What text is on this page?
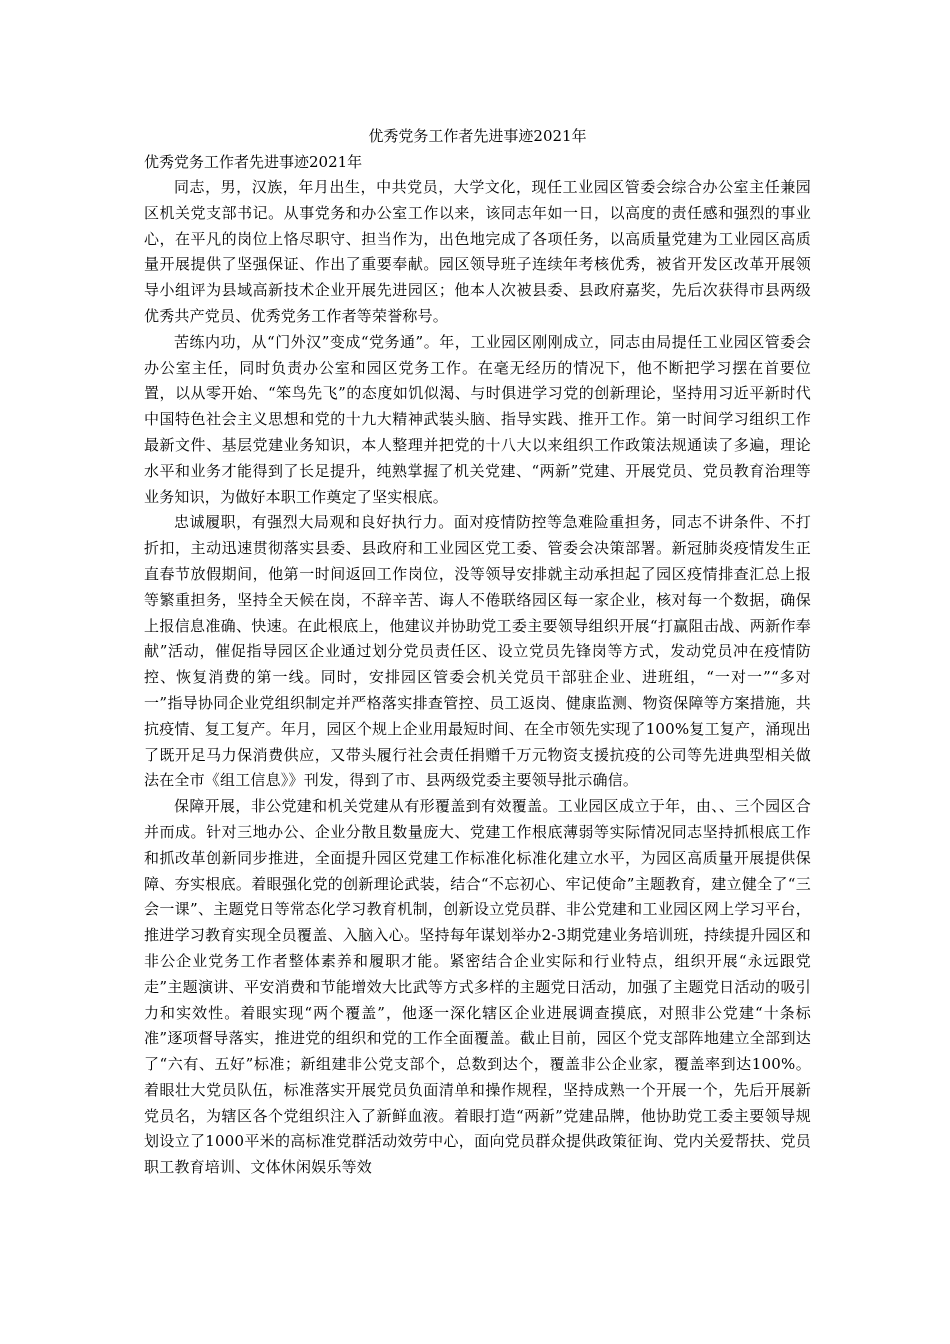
优秀党务工作者先进事迹2021年

优秀党务工作者先进事迹2021年

同志，男，汉族，年月出生，中共党员，大学文化，现任工业园区管委会综合办公室主任兼园区机关党支部书记。从事党务和办公室工作以来，该同志年如一日，以高度的责任感和强烈的事业心，在平凡的岗位上恪尽职守、担当作为，出色地完成了各项任务，以高质量党建为工业园区高质量开展提供了坚强保证、作出了重要奉献。园区领导班子连续年考核优秀，被省开发区改革开展领导小组评为县域高新技术企业开展先进园区；他本人次被县委、县政府嘉奖，先后次获得市县两级优秀共产党员、优秀党务工作者等荣誉称号。

苦练内功，从“门外汉”变成“党务通”。年，工业园区刚刚成立，同志由局提任工业园区管委会办公室主任，同时负责办公室和园区党务工作。在毫无经历的情况下，他不断把学习摆在首要位置，以从零开始、“笨鸟先飞”的态度如饥似渴、与时俱进学习党的创新理论，坚持用习近平新时代中国特色社会主义思想和党的十九大精神武装头脑、指导实践、推开工作。第一时间学习组织工作最新文件、基层党建业务知识，本人整理并把党的十八大以来组织工作政策法规通读了多遍，理论水平和业务才能得到了长足提升，纯熟掌握了机关党建、“两新”党建、开展党员、党员教育治理等业务知识，为做好本职工作奠定了坚实根底。

忠诚履职，有强烈大局观和良好执行力。面对疫情防控等急难险重担务，同志不讲条件、不打折扣，主动迅速贯彻落实县委、县政府和工业园区党工委、管委会决策部署。新冠肺炎疫情发生正直春节放假期间，他第一时间返回工作岗位，没等领导安排就主动承担起了园区疫情排查汇总上报等繁重担务，坚持全天候在岗，不辞辛苦、诲人不倦联络园区每一家企业，核对每一个数据，确保上报信息准确、快速。在此根底上，他建议并协助党工委主要领导组织开展“打赢阻击战、两新作奉献”活动，催促指导园区企业通过划分党员责任区、设立党员先锋岗等方式，发动党员冲在疫情防控、恢复消费的第一线。同时，安排园区管委会机关党员干部驻企业、进班组，“一对一”“多对一”指导协同企业党组织制定并严格落实排查管控、员工返岗、健康监测、物资保障等方案措施，共抗疫情、复工复产。年月，园区个规上企业用最短时间、在全市领先实现了100%复工复产，涌现出了既开足马力保消费供应，又带头履行社会责任捐赠千万元物资支援抗疫的公司等先进典型相关做法在全市《组工信息》》刊发，得到了市、县两级党委主要领导批示确信。

保障开展，非公党建和机关党建从有形覆盖到有效覆盖。工业园区成立于年，由、、三个园区合并而成。针对三地办公、企业分散且数量庞大、党建工作根底薄弱等实际情况同志坚持抓根底工作和抓改革创新同步推进，全面提升园区党建工作标准化标准化建立水平，为园区高质量开展提供保障、夯实根底。着眼强化党的创新理论武装，结合“不忘初心、牢记使命”主题教育，建立健全了“三会一课”、主题党日等常态化学习教育机制，创新设立党员群、非公党建和工业园区网上学习平台，推进学习教育实现全员覆盖、入脑入心。坚持每年谋划举办2-3期党建业务培训班，持续提升园区和非公企业党务工作者整体素养和履职才能。紧密结合企业实际和行业特点，组织开展“永远跟党走”主题演讲、平安消费和节能增效大比武等方式多样的主题党日活动，加强了主题党日活动的吸引力和实效性。着眼实现“两个覆盖”，他逐一深化辖区企业进展调查摸底，对照非公党建“十条标准”逐项督导落实，推进党的组织和党的工作全面覆盖。截止目前，园区个党支部阵地建立全部到达了“六有、五好”标准；新组建非公党支部个，总数到达个，覆盖非公企业家，覆盖率到达100%。着眼壮大党员队伍，标准落实开展党员负面清单和操作规程，坚持成熟一个开展一个，先后开展新党员名，为辖区各个党组织注入了新鲜血液。着眼打造“两新”党建品牌，他协助党工委主要领导规划设立了1000平米的高标准党群活动效劳中心，面向党员群众提供政策征询、党内关爱帮扶、党员职工教育培训、文体休闲娱乐等效
